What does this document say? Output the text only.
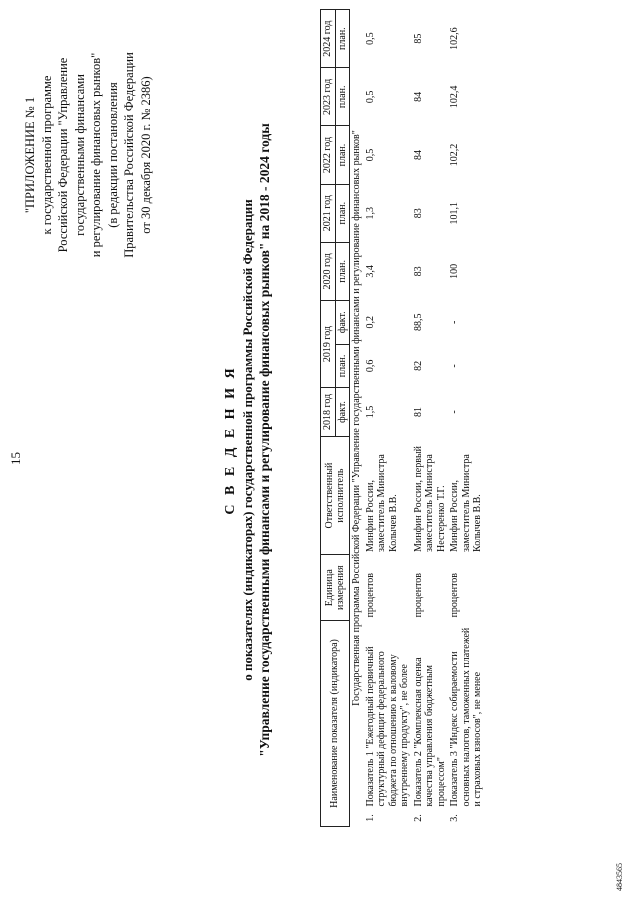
15
"ПРИЛОЖЕНИЕ № 1 к государственной программе Российской Федерации "Управление государственными финансами и регулирование финансовых рынков" (в редакции постановления Правительства Российской Федерации от 30 декабря 2020 г. № 2386)
С В Е Д Е Н И Я о показателях (индикаторах) государственной программы Российской Федерации "Управление государственными финансами и регулирование финансовых рынков" на 2018 - 2024 годы	Наименование показателя (индикатора)		Единица измерения	Ответственный исполнитель	2018 год	2019 год		2020 год	2021 год	2022 год	2023 год	2024 год
				факт.	план.	факт.	план.	план.	план.	план.	план.
Государственная программа Российской Федерации "Управление государственными финансами и регулирование финансовых рынков"											
1.	Показатель 1 "Ежегодный первичный структурный дефицит федерального бюджета по отношению к валовому внутреннему продукту", не более	процентов	Минфин России, заместитель Министра Колычев В.В.	1,5	0,6	0,2	3,4	1,3	0,5	0,5	0,5
2.	Показатель 2 "Комплексная оценка качества управления бюджетным процессом"	процентов	Минфин России, первый заместитель Министра Нестеренко Т.Г.	81	82	88,5	83	83	84	84	85
3.	Показатель 3 "Индекс собираемости основных налогов, таможенных платежей и страховых взносов", не менее	процентов	Минфин России, заместитель Министра Колычев В.В.	-	-	-	100	101,1	102,2	102,4	102,6
4843565
